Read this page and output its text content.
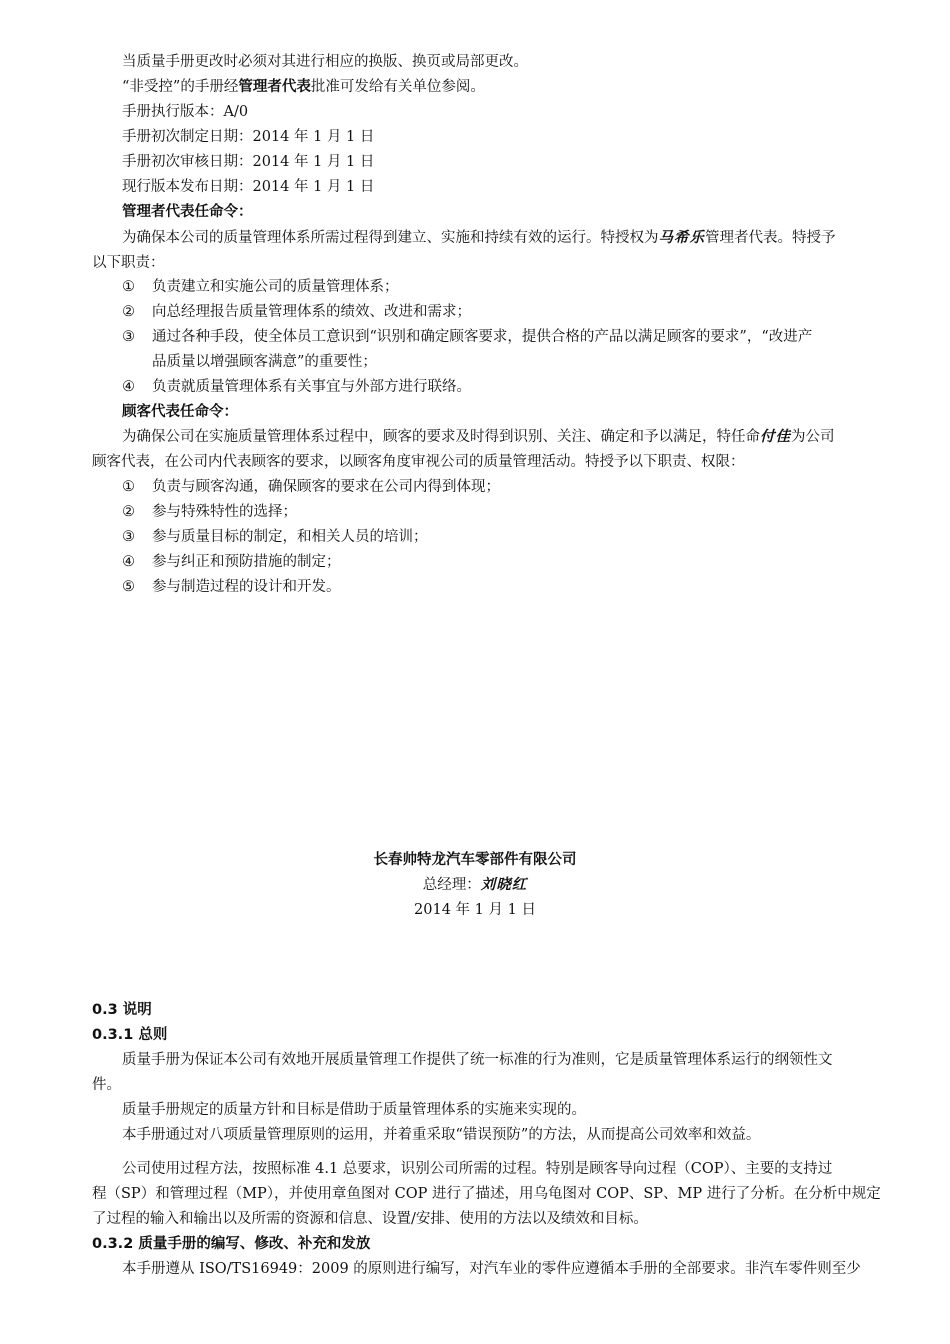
当质量手册更改时必须对其进行相应的换版、换页或局部更改。
“非受控”的手册经管理者代表批准可发给有关单位参阅。
手册执行版本：A/0
手册初次制定日期：2014 年 1 月 1 日
手册初次审核日期：2014 年 1 月 1 日
现行版本发布日期：2014 年 1 月 1 日
管理者代表任命令：
为确保本公司的质量管理体系所需过程得到建立、实施和持续有效的运行。特授权为马希乐管理者代表。特授予
以下职责：
① 负责建立和实施公司的质量管理体系；
② 向总经理报告质量管理体系的绩效、改进和需求；
③ 通过各种手段，使全体员工意识到“识别和确定顾客要求，提供合格的产品以满足顾客的要求”，“改进产
品质量以增强顾客满意”的重要性；
④ 负责就质量管理体系有关事宜与外部方进行联络。
顾客代表任命令：
为确保公司在实施质量管理体系过程中，顾客的要求及时得到识别、关注、确定和予以满足，特任命付佳为公司
顾客代表，在公司内代表顾客的要求，以顾客角度审视公司的质量管理活动。特授予以下职责、权限：
① 负责与顾客沟通，确保顾客的要求在公司内得到体现；
② 参与特殊特性的选择；
③ 参与质量目标的制定，和相关人员的培训；
④ 参与纠正和预防措施的制定；
⑤ 参与制造过程的设计和开发。
长春帅特龙汽车零部件有限公司
总经理：刘晓红
2014 年 1 月 1 日
0.3 说明
0.3.1 总则
质量手册为保证本公司有效地开展质量管理工作提供了统一标准的行为准则，它是质量管理体系运行的纲领性文
件。
质量手册规定的质量方针和目标是借助于质量管理体系的实施来实现的。
本手册通过对八项质量管理原则的运用，并着重采取“错误预防”的方法，从而提高公司效率和效益。
公司使用过程方法，按照标准 4.1 总要求，识别公司所需的过程。特别是顾客导向过程（COP）、主要的支持过
程（SP）和管理过程（MP），并使用章鱼图对 COP 进行了描述，用乌龟图对 COP、SP、MP 进行了分析。在分析中规定
了过程的输入和输出以及所需的资源和信息、设置/安排、使用的方法以及绩效和目标。
0.3.2 质量手册的编写、修改、补充和发放
本手册遵从 ISO/TS16949：2009 的原则进行编写，对汽车业的零件应遵循本手册的全部要求。非汽车零件则至少
